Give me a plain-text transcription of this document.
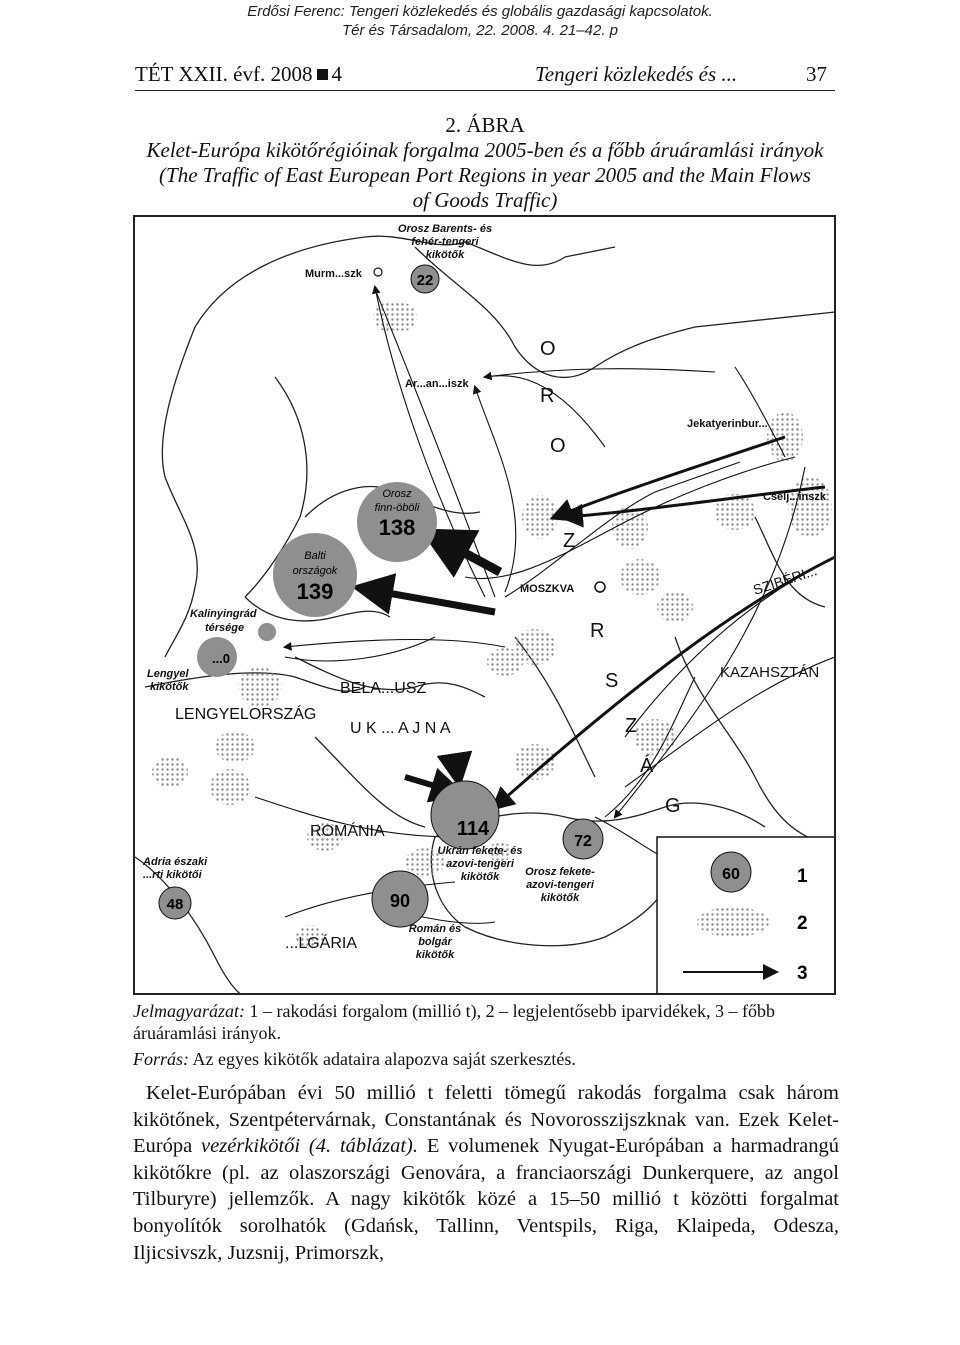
Erdősi Ferenc: Tengeri közlekedés és globális gazdasági kapcsolatok.
Tér és Társadalom, 22. 2008. 4. 21–42. p
TÉT XXII. évf. 2008 4	Tengeri közlekedés és ...	37
2. ÁBRA
Kelet-Európa kikötőrégióinak forgalma 2005-ben és a főbb áruáramlási irányok
(The Traffic of East European Port Regions in year 2005 and the Main Flows
of Goods Traffic)
22
138
Orosz
finn-öböli
139
Balti
országok
...0
114
72
90
48
Orosz Barents- és
fehér-tengeri
kikötők
Kalinyingrád
térsége
Lengyel
kikötők
Ukrán fekete- és
azovi-tengeri
kikötők Orosz fekete-
azovi-tengeri
kikötők
Román és
bolgár
kikötők
Adria északi
...rti kikötői
Murm...szk
Ar...an...iszk
Jekatyerinbur...
Cselj...inszk
MOSZKVA
O
R
O
Z
R
S
Z
Á
G
BELA...USZ
U K ... A J N A
LENGYELORSZÁG
ROMÁNIA
...LGÁRIA
KAZAHSZTÁN
SZIBÉRI...
60	1
2
3
Jelmagyarázat: 1 – rakodási forgalom (millió t), 2 – legjelentősebb iparvidékek, 3 – főbb áruáramlási irányok.
Forrás: Az egyes kikötők adataira alapozva saját szerkesztés.

Kelet-Európában évi 50 millió t feletti tömegű rakodás forgalma csak három kikötőnek, Szentpétervárnak, Constantának és Novorosszijszknak van. Ezek Kelet-Európa vezérkikötői (4. táblázat). E volumenek Nyugat-Európában a harmadrangú kikötőkre (pl. az olaszországi Genovára, a franciaországi Dunkerquere, az angol Tilburyre) jellemzők. A nagy kikötők közé a 15–50 millió t közötti forgalmat bonyolítók sorolhatók (Gdańsk, Tallinn, Ventspils, Riga, Klaipeda, Odesza, Iljicsivszk, Juzsnij, Primorszk,
